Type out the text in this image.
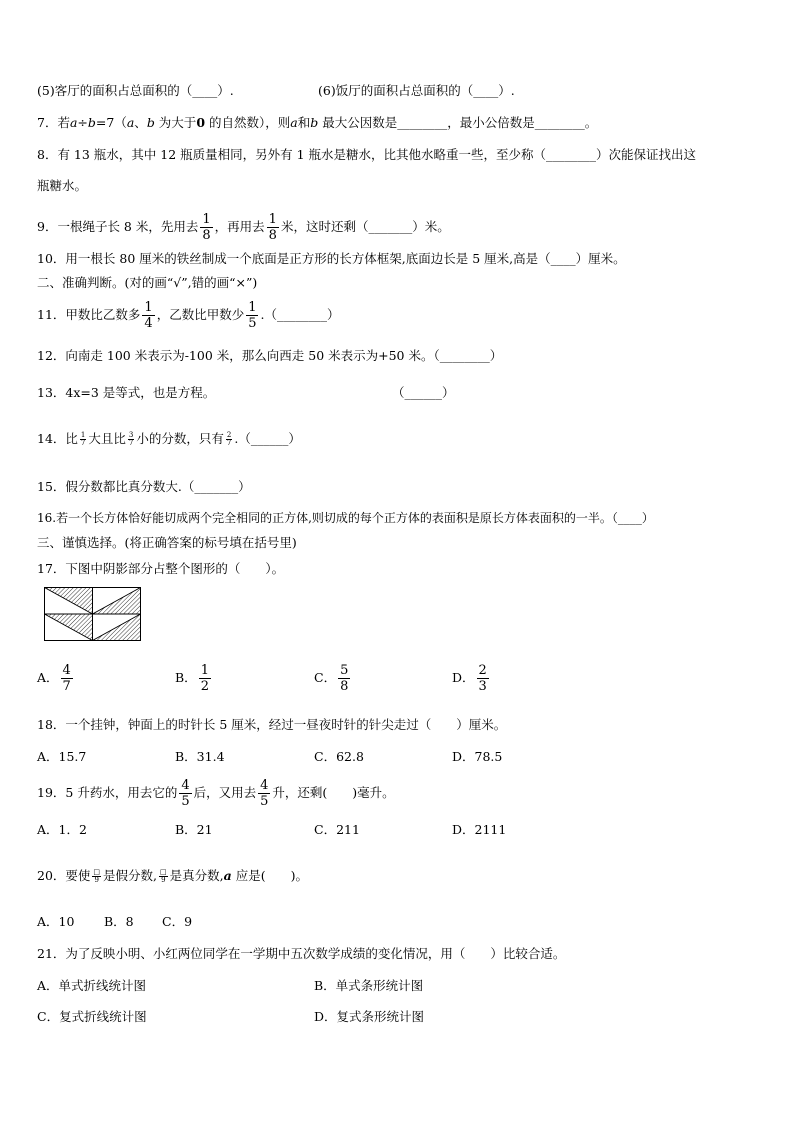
(5)客厅的面积占总面积的（____）.	(6)饭厅的面积占总面积的（____）.
7．若a÷b=7（a、b 为大于0 的自然数），则a和b 最大公因数是________，最小公倍数是________。
8．有 13 瓶水，其中 12 瓶质量相同，另外有 1 瓶水是糖水，比其他水略重一些，至少称（________）次能保证找出这
瓶糖水。
9．一根绳子长 8 米，先用去 $\frac{1}{8}$ ，再用去 $\frac{1}{8}$ 米，这时还剩（_______）米。
10．用一根长 80 厘米的铁丝制成一个底面是正方形的长方体框架,底面边长是 5 厘米,高是（____）厘米。
二、准确判断。(对的画“√”,错的画“×”)
11．甲数比乙数多 $\frac{1}{4}$ ，乙数比甲数少 $\frac{1}{5}$ .（________）
12．向南走 100 米表示为-100 米，那么向西走 50 米表示为+50 米。（________）
13．4x=3 是等式，也是方程。	（______）
14．比 $\frac{1}{7}$ 大且比 $\frac{3}{7}$ 小的分数，只有 $\frac{2}{7}$ .（______）
15．假分数都比真分数大.（_______）
16.若一个长方体恰好能切成两个完全相同的正方体,则切成的每个正方体的表面积是原长方体表面积的一半。（____）
三、谨慎选择。(将正确答案的标号填在括号里)
17．下图中阴影部分占整个图形的（　　）。
A． $\frac{4}{7}$	B． $\frac{1}{2}$	C． $\frac{5}{8}$	D． $\frac{2}{3}$
18．一个挂钟，钟面上的时针长 5 厘米，经过一昼夜时针的针尖走过（　　）厘米。
A．15.7	B．31.4	C．62.8	D．78.5
19．5 升药水，用去它的 $\frac{4}{5}$ 后，又用去 $\frac{4}{5}$ 升，还剩(　　)毫升。
A．1．2	B．21	C．211	D．2111
20．要使 $\frac{□}{9}$ 是假分数, $\frac{□}{9}$ 是真分数,a 应是(　　)。
A．10 B．8 C．9
21．为了反映小明、小红两位同学在一学期中五次数学成绩的变化情况，用（　　）比较合适。
A．单式折线统计图	B．单式条形统计图
C．复式折线统计图	D．复式条形统计图
